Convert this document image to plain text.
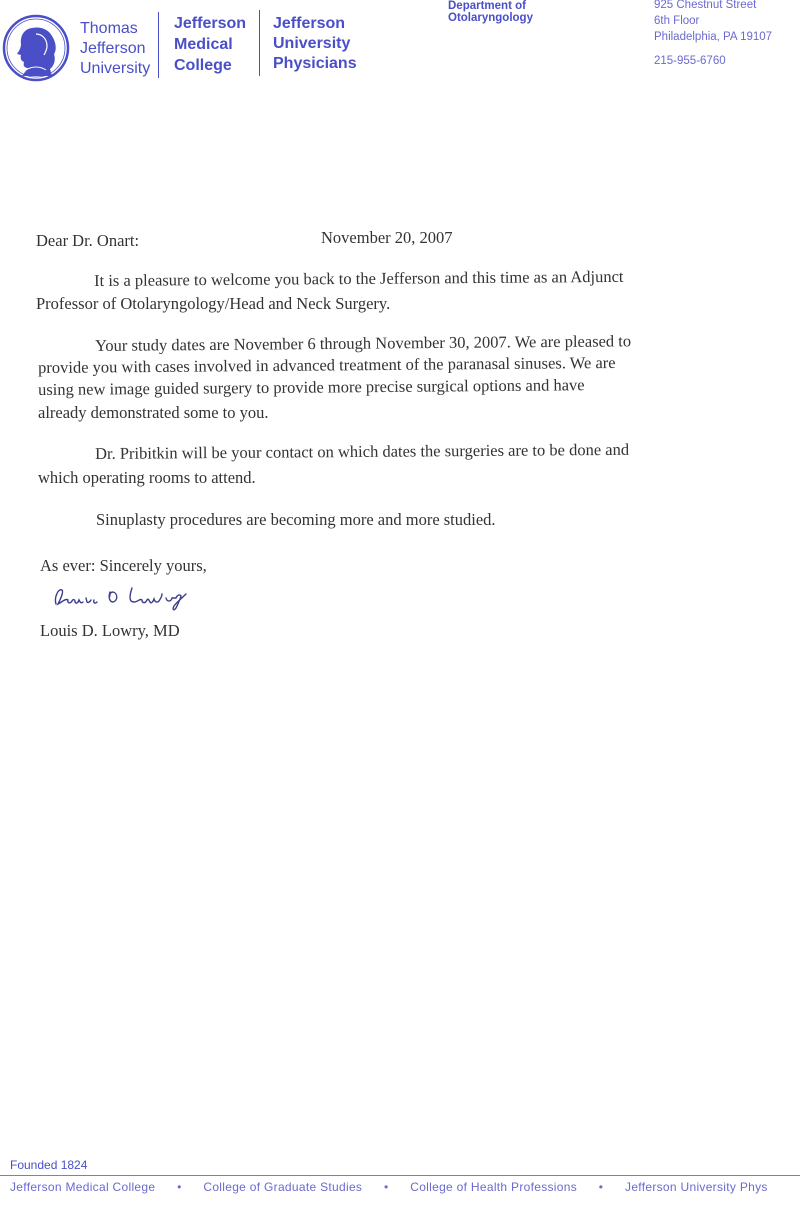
Thomas
Jefferson
University
Jefferson
Medical
College
Jefferson
University
Physicians
Department of Otolaryngology
925 Chestnut Street
6th Floor
Philadelphia, PA 19107
215-955-6760
Dear Dr. Onart:	November 20, 2007
It is a pleasure to welcome you back to the Jefferson and this time as an Adjunct
Professor of Otolaryngology/Head and Neck Surgery.
Your study dates are November 6 through November 30, 2007. We are pleased to
provide you with cases involved in advanced treatment of the paranasal sinuses. We are
using new image guided surgery to provide more precise surgical options and have
already demonstrated some to you.
Dr. Pribitkin will be your contact on which dates the surgeries are to be done and
which operating rooms to attend.
Sinuplasty procedures are becoming more and more studied.
As ever: Sincerely yours,
Louis D. Lowry, MD
Founded 1824
Jefferson Medical College • College of Graduate Studies • College of Health Professions • Jefferson University Phys
